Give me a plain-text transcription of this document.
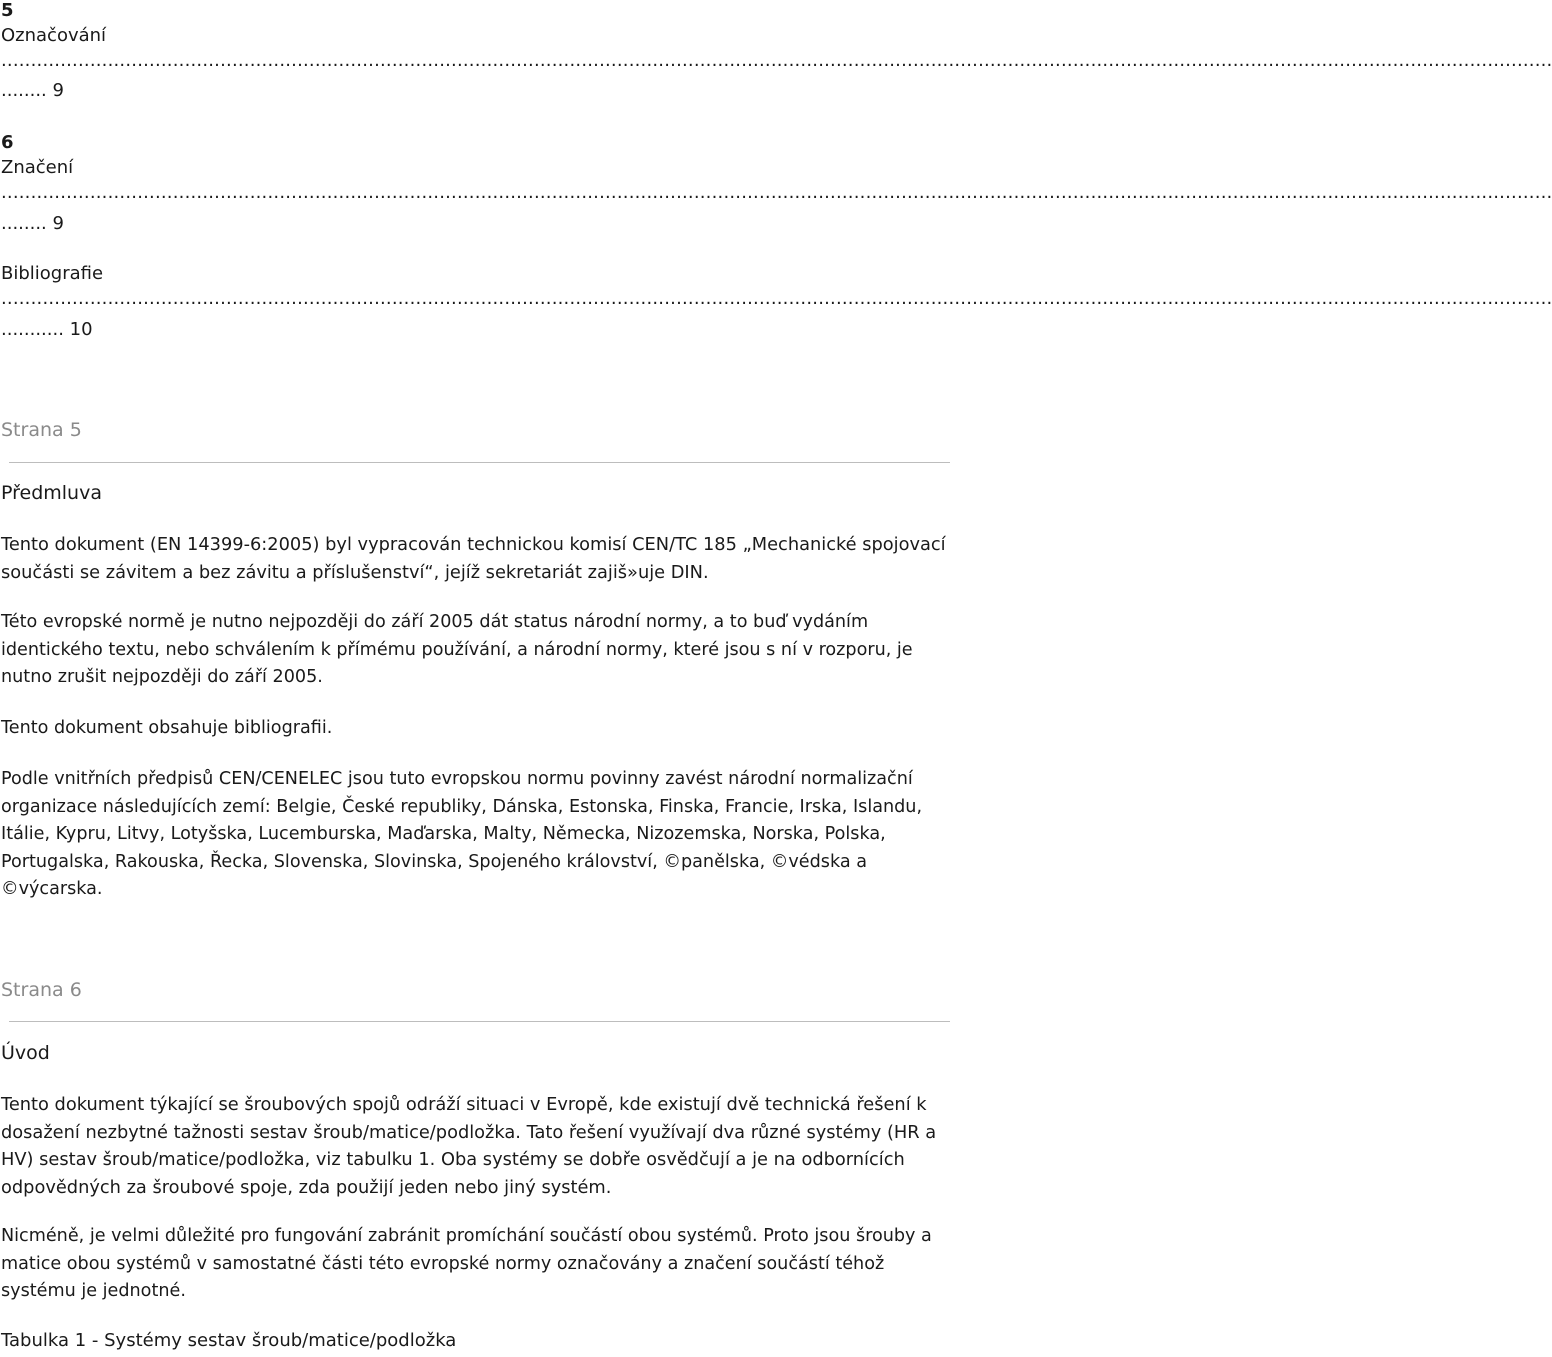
5
Označování
......................................................................................................................................................................................................................................................................
........ 9
6
Značení
......................................................................................................................................................................................................................................................................
........ 9
Bibliografie
......................................................................................................................................................................................................................................................................
........... 10
Strana 5
Předmluva
Tento dokument (EN 14399-6:2005) byl vypracován technickou komisí CEN/TC 185 „Mechanické spojovací součásti se závitem a bez závitu a příslušenství“, jejíž sekretariát zajiš»uje DIN.
Této evropské normě je nutno nejpozději do září 2005 dát status národní normy, a to buď vydáním identického textu, nebo schválením k přímému používání, a národní normy, které jsou s ní v rozporu, je nutno zrušit nejpozději do září 2005.
Tento dokument obsahuje bibliografii.
Podle vnitřních předpisů CEN/CENELEC jsou tuto evropskou normu povinny zavést národní normalizační organizace následujících zemí: Belgie, České republiky, Dánska, Estonska, Finska, Francie, Irska, Islandu, Itálie, Kypru, Litvy, Lotyšska, Lucemburska, Maďarska, Malty, Německa, Nizozemska, Norska, Polska, Portugalska, Rakouska, Řecka, Slovenska, Slovinska, Spojeného království, ©panělska, ©védska a ©výcarska.
Strana 6
Úvod
Tento dokument týkající se šroubových spojů odráží situaci v Evropě, kde existují dvě technická řešení k dosažení nezbytné tažnosti sestav šroub/matice/podložka. Tato řešení využívají dva různé systémy (HR a HV) sestav šroub/matice/podložka, viz tabulku 1. Oba systémy se dobře osvědčují a je na odbornících odpovědných za šroubové spoje, zda použijí jeden nebo jiný systém.
Nicméně, je velmi důležité pro fungování zabránit promíchání součástí obou systémů. Proto jsou šrouby a matice obou systémů v samostatné části této evropské normy označovány a značení součástí téhož systému je jednotné.
Tabulka 1 - Systémy sestav šroub/matice/podložka
